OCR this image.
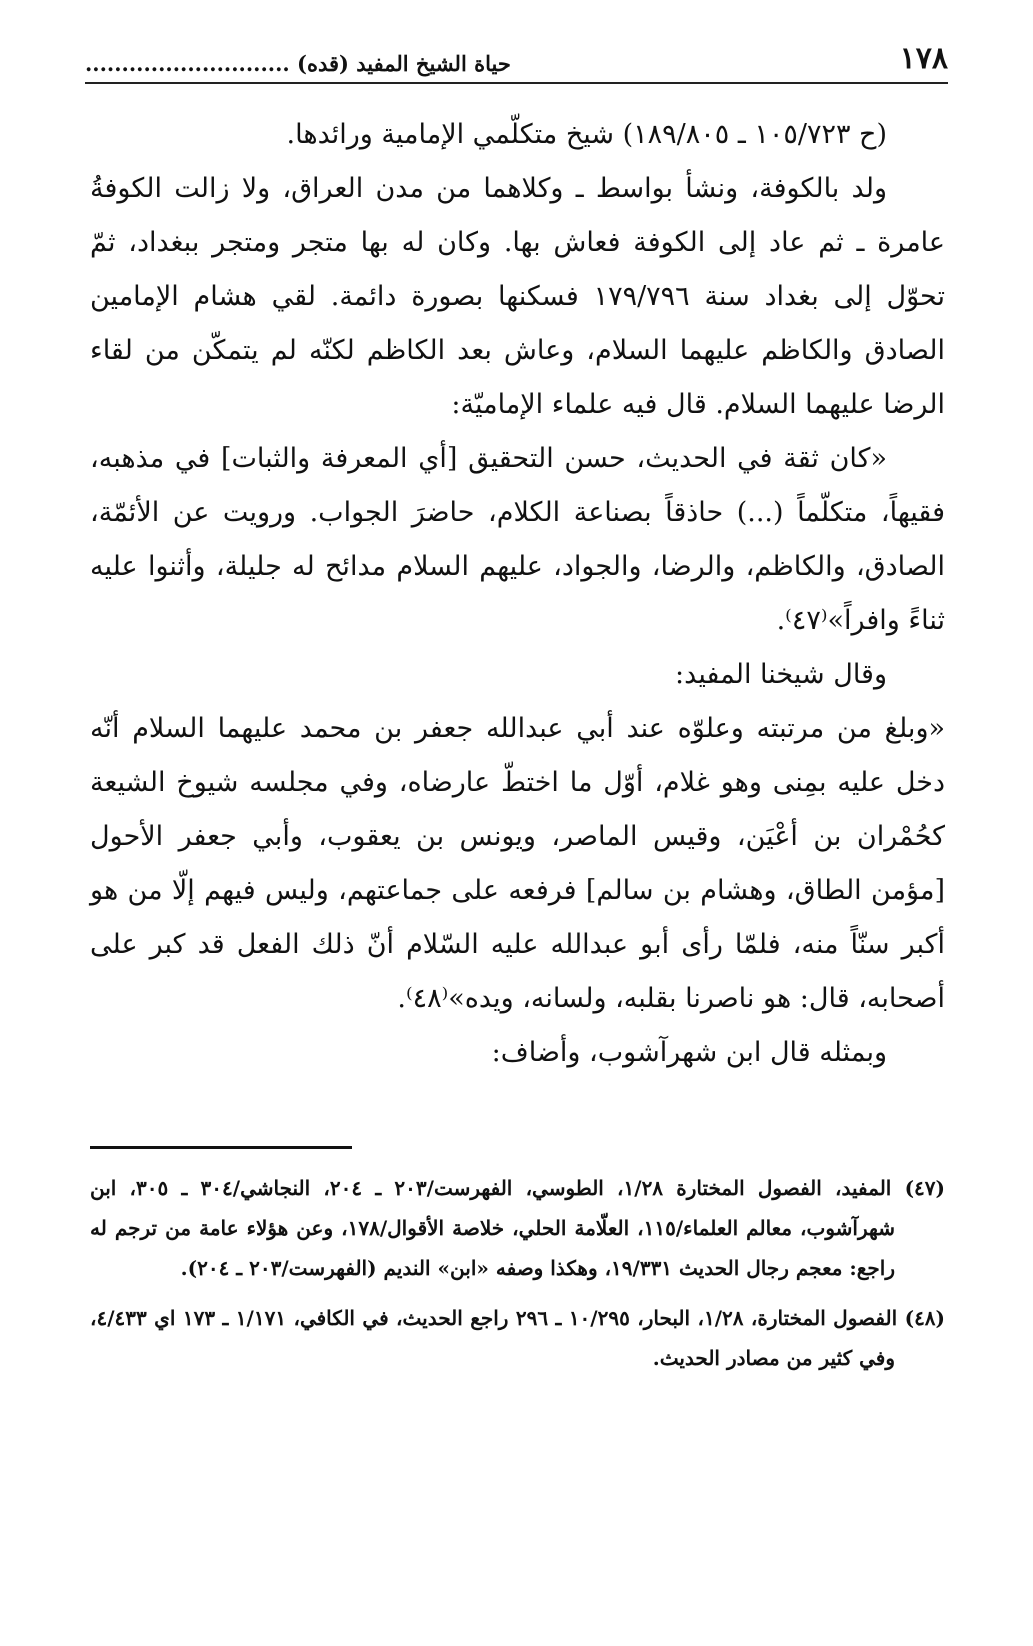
١٧٨
حياة الشيخ المفيد (قده) ............................

(ح ١٠٥/٧٢٣ ـ ١٨٩/٨٠٥) شيخ متكلّمي الإمامية ورائدها.

ولد بالكوفة، ونشأ بواسط ـ وكلاهما من مدن العراق، ولا زالت الكوفةُ عامرة ـ ثم عاد إلى الكوفة فعاش بها. وكان له بها متجر ومتجر ببغداد، ثمّ تحوّل إلى بغداد سنة ١٧٩/٧٩٦ فسكنها بصورة دائمة. لقي هشام الإمامين الصادق والكاظم عليهما السلام، وعاش بعد الكاظم لكنّه لم يتمكّن من لقاء الرضا عليهما السلام. قال فيه علماء الإماميّة:

«كان ثقة في الحديث، حسن التحقيق [أي المعرفة والثبات] في مذهبه، فقيهاً، متكلّماً (...) حاذقاً بصناعة الكلام، حاضرَ الجواب. ورويت عن الأئمّة، الصادق، والكاظم، والرضا، والجواد، عليهم السلام مدائح له جليلة، وأثنوا عليه ثناءً وافراً»⁽٤٧⁾.

وقال شيخنا المفيد:

«وبلغ من مرتبته وعلوّه عند أبي عبدالله جعفر بن محمد عليهما السلام أنّه دخل عليه بمِنى وهو غلام، أوّل ما اختطّ عارضاه، وفي مجلسه شيوخ الشيعة كحُمْران بن أعْيَن، وقيس الماصر، ويونس بن يعقوب، وأبي جعفر الأحول [مؤمن الطاق، وهشام بن سالم] فرفعه على جماعتهم، وليس فيهم إلّا من هو أكبر سنّاً منه، فلمّا رأى أبو عبدالله عليه السّلام أنّ ذلك الفعل قد كبر على أصحابه، قال: هو ناصرنا بقلبه، ولسانه، ويده»⁽٤٨⁾.

وبمثله قال ابن شهرآشوب، وأضاف:

(٤٧) المفيد، الفصول المختارة ١/٢٨، الطوسي، الفهرست/٢٠٣ ـ ٢٠٤، النجاشي/٣٠٤ ـ ٣٠٥، ابن شهرآشوب، معالم العلماء/١١٥، العلّامة الحلي، خلاصة الأقوال/١٧٨، وعن هؤلاء عامة من ترجم له راجع: معجم رجال الحديث ١٩/٣٣١، وهكذا وصفه «ابن» النديم (الفهرست/٢٠٣ ـ ٢٠٤).

(٤٨) الفصول المختارة، ١/٢٨، البحار، ١٠/٢٩٥ ـ ٢٩٦ راجع الحديث، في الكافي، ١/١٧١ ـ ١٧٣ اي ٤/٤٣٣، وفي كثير من مصادر الحديث.
